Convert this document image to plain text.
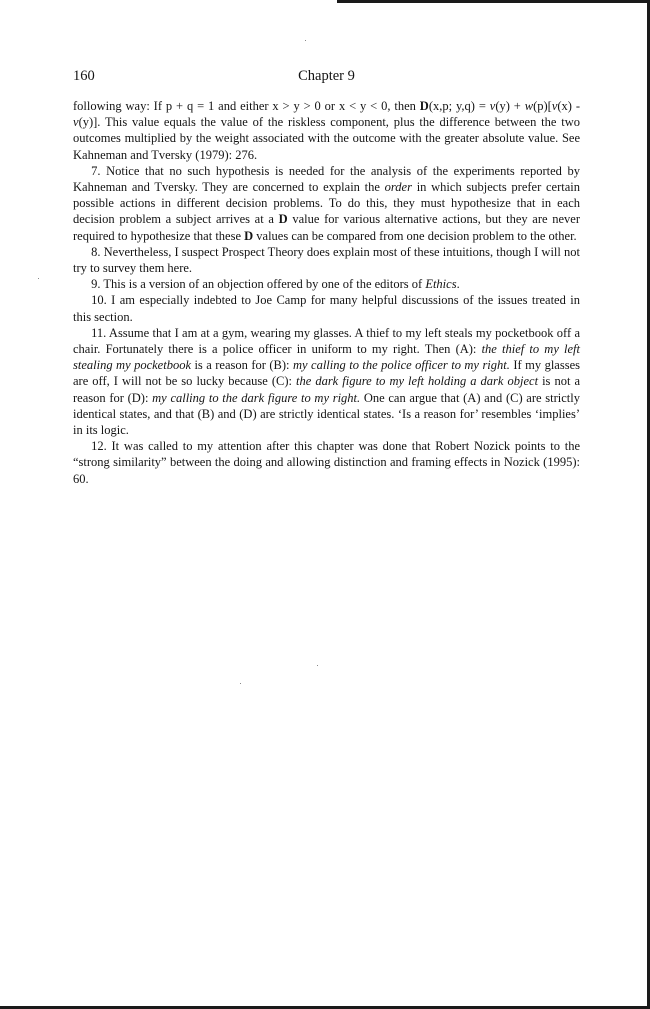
160	Chapter 9

following way: If p + q = 1 and either x > y > 0 or x < y < 0, then D(x,p; y,q) = v(y) + w(p)[v(x) - v(y)]. This value equals the value of the riskless component, plus the difference between the two outcomes multiplied by the weight associated with the outcome with the greater absolute value. See Kahneman and Tversky (1979): 276.

7. Notice that no such hypothesis is needed for the analysis of the experiments reported by Kahneman and Tversky. They are concerned to explain the order in which subjects prefer certain possible actions in different decision problems. To do this, they must hypothesize that in each decision problem a subject arrives at a D value for various alternative actions, but they are never required to hypothesize that these D values can be compared from one decision problem to the other.

8. Nevertheless, I suspect Prospect Theory does explain most of these intuitions, though I will not try to survey them here.

9. This is a version of an objection offered by one of the editors of Ethics.

10. I am especially indebted to Joe Camp for many helpful discussions of the issues treated in this section.

11. Assume that I am at a gym, wearing my glasses. A thief to my left steals my pocketbook off a chair. Fortunately there is a police officer in uniform to my right. Then (A): the thief to my left stealing my pocketbook is a reason for (B): my calling to the police officer to my right. If my glasses are off, I will not be so lucky because (C): the dark figure to my left holding a dark object is not a reason for (D): my calling to the dark figure to my right. One can argue that (A) and (C) are strictly identical states, and that (B) and (D) are strictly identical states. ‘Is a reason for’ resembles ‘implies’ in its logic.

12. It was called to my attention after this chapter was done that Robert Nozick points to the “strong similarity” between the doing and allowing distinction and framing effects in Nozick (1995): 60.
